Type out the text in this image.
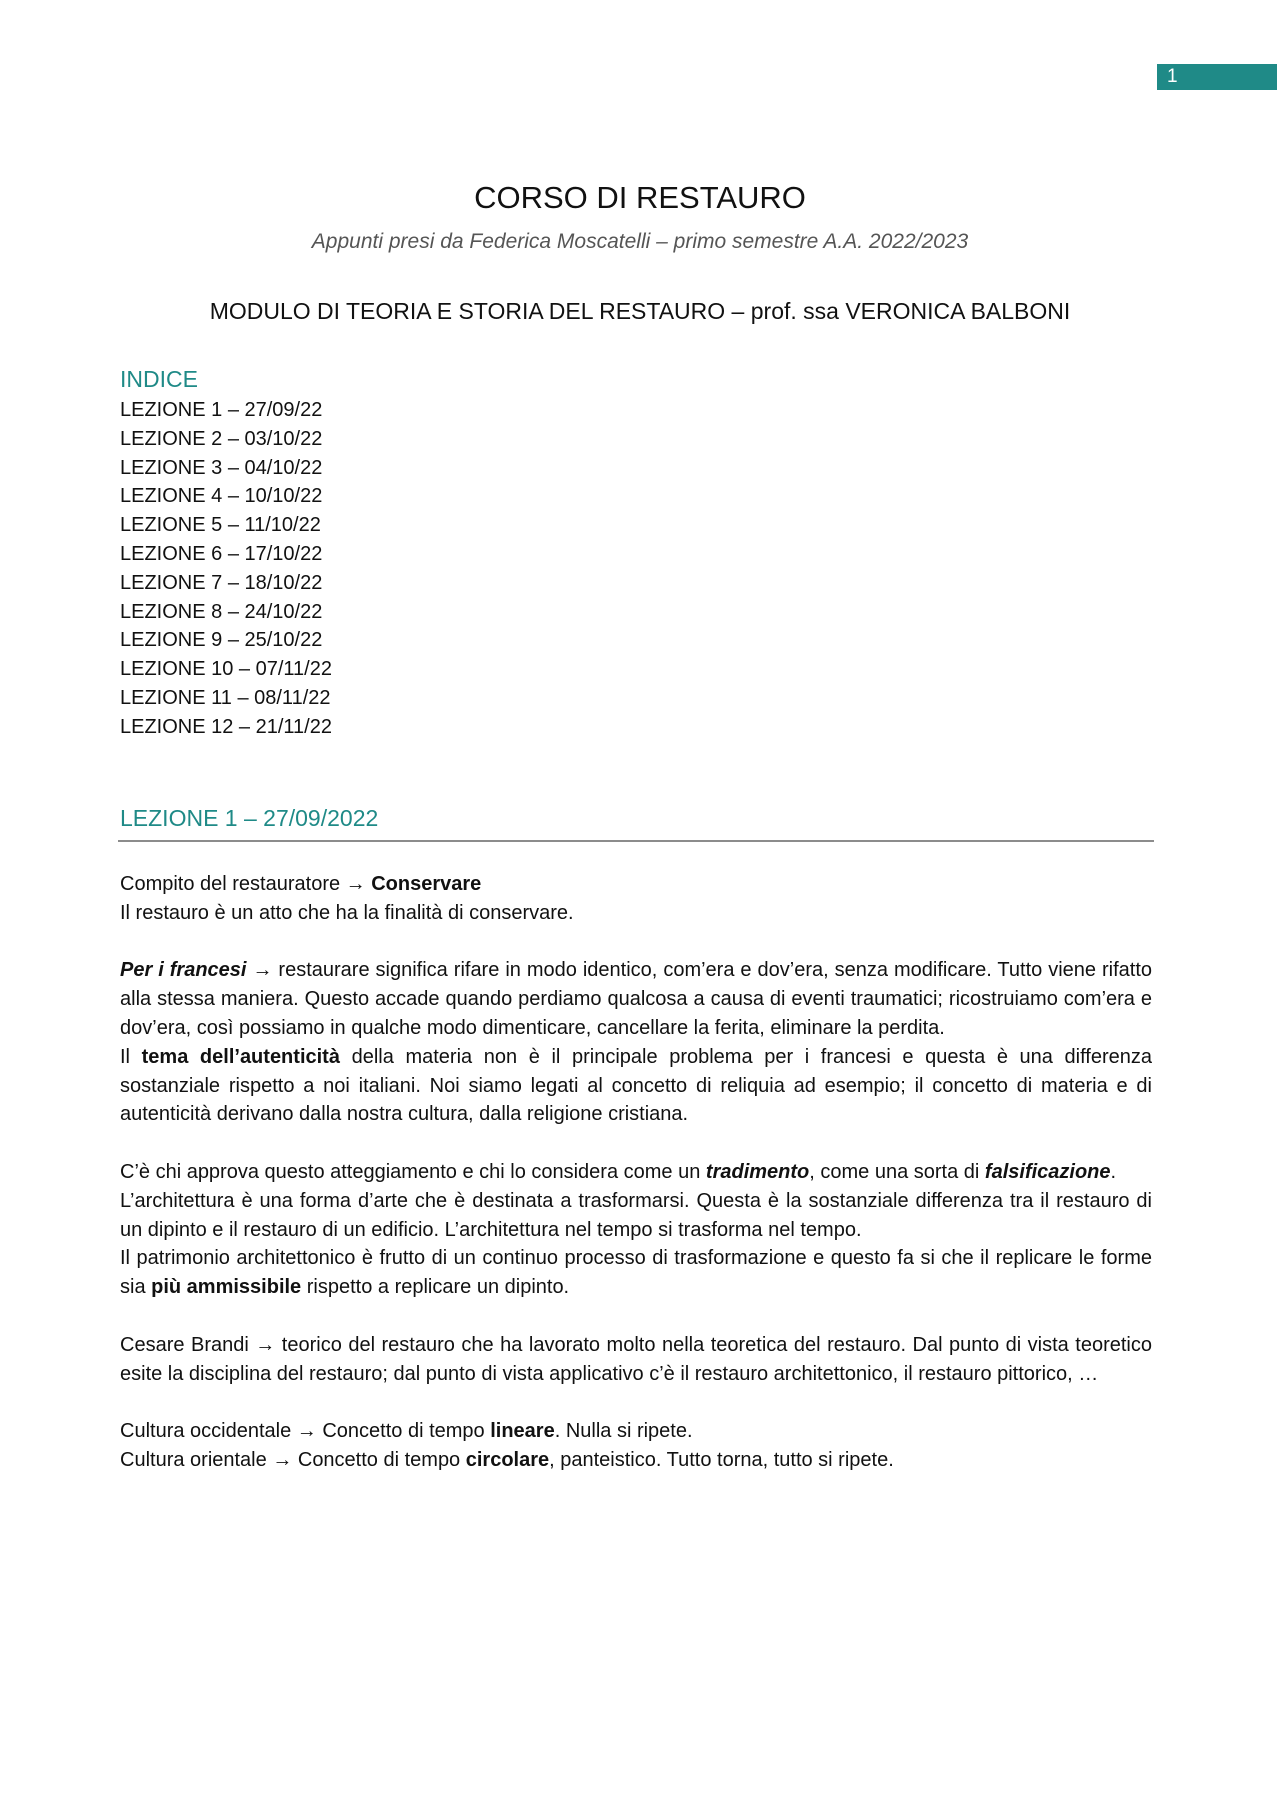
1
CORSO DI RESTAURO
Appunti presi da Federica Moscatelli – primo semestre A.A. 2022/2023
MODULO DI TEORIA E STORIA DEL RESTAURO – prof. ssa VERONICA BALBONI
INDICE
LEZIONE 1 – 27/09/22
LEZIONE 2 – 03/10/22
LEZIONE 3 – 04/10/22
LEZIONE 4 – 10/10/22
LEZIONE 5 – 11/10/22
LEZIONE 6 – 17/10/22
LEZIONE 7 – 18/10/22
LEZIONE 8 – 24/10/22
LEZIONE 9 – 25/10/22
LEZIONE 10 – 07/11/22
LEZIONE 11 – 08/11/22
LEZIONE 12 – 21/11/22
LEZIONE 1 – 27/09/2022

Compito del restauratore → Conservare

Il restauro è un atto che ha la finalità di conservare.

Per i francesi → restaurare significa rifare in modo identico, com’era e dov’era, senza modificare. Tutto viene rifatto alla stessa maniera. Questo accade quando perdiamo qualcosa a causa di eventi traumatici; ricostruiamo com’era e dov’era, così possiamo in qualche modo dimenticare, cancellare la ferita, eliminare la perdita.

Il tema dell’autenticità della materia non è il principale problema per i francesi e questa è una differenza sostanziale rispetto a noi italiani. Noi siamo legati al concetto di reliquia ad esempio; il concetto di materia e di autenticità derivano dalla nostra cultura, dalla religione cristiana.

C’è chi approva questo atteggiamento e chi lo considera come un tradimento, come una sorta di falsificazione.

L’architettura è una forma d’arte che è destinata a trasformarsi. Questa è la sostanziale differenza tra il restauro di un dipinto e il restauro di un edificio. L’architettura nel tempo si trasforma nel tempo.

Il patrimonio architettonico è frutto di un continuo processo di trasformazione e questo fa si che il replicare le forme sia più ammissibile rispetto a replicare un dipinto.

Cesare Brandi → teorico del restauro che ha lavorato molto nella teoretica del restauro. Dal punto di vista teoretico esite la disciplina del restauro; dal punto di vista applicativo c’è il restauro architettonico, il restauro pittorico, …

Cultura occidentale → Concetto di tempo lineare. Nulla si ripete.

Cultura orientale → Concetto di tempo circolare, panteistico. Tutto torna, tutto si ripete.
